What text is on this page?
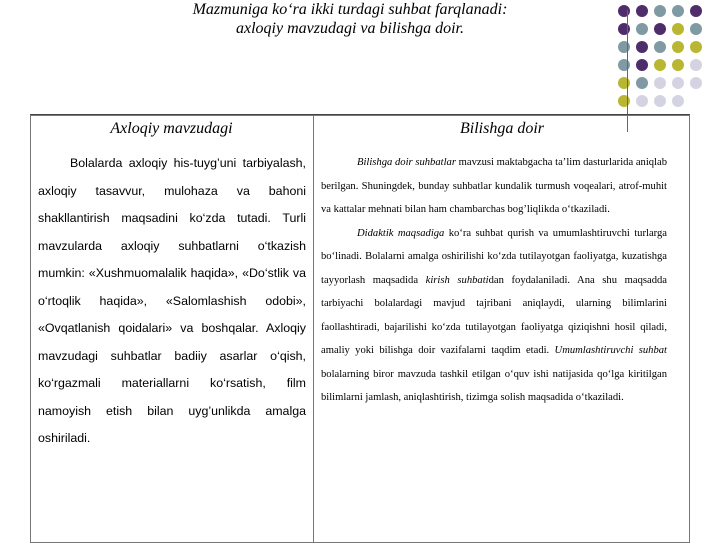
Mazmuniga ko‘ra ikki turdagi suhbat farqlanadi:
axloqiy mavzudagi va bilishga doir.
Axloqiy mavzudagi	Bilishga doir
Bolalarda axloqiy his-tuyg’uni tarbiyalash, axloqiy tasavvur, mulohaza va bahoni shakllantirish maqsadini ko‘zda tutadi. Turli mavzularda axloqiy suhbatlarni o‘tkazish mumkin: «Xushmuomalalik haqida», «Do‘stlik va o‘rtoqlik haqida», «Salomlashish odobi», «Ovqatlanish qoidalari» va boshqalar. Axloqiy mavzudagi suhbatlar badiiy asarlar o‘qish, ko‘rgazmali materiallarni ko‘rsatish, film namoyish etish bilan uyg’unlikda amalga oshiriladi.
Bilishga doir suhbatlar mavzusi maktabgacha ta’lim dasturlarida aniqlab berilgan. Shuningdek, bunday suhbatlar kundalik turmush voqealari, atrof-muhit va kattalar mehnati bilan ham chambarchas bog’liqlikda o‘tkaziladi.
Didaktik maqsadiga ko‘ra suhbat qurish va umumlashtiruvchi turlarga bo‘linadi. Bolalarni amalga oshirilishi ko‘zda tutilayotgan faoliyatga, kuzatishga tayyorlash maqsadida kirish suhbatidan foydalaniladi. Ana shu maqsadda tarbiyachi bolalardagi mavjud tajribani aniqlaydi, ularning bilimlarini faollashtiradi, bajarilishi ko‘zda tutilayotgan faoliyatga qiziqishni hosil qiladi, amaliy yoki bilishga doir vazifalarni taqdim etadi. Umumlashtiruvchi suhbat bolalarning biror mavzuda tashkil etilgan o‘quv ishi natijasida qo‘lga kiritilgan bilimlarni jamlash, aniqlashtirish, tizimga solish maqsadida o‘tkaziladi.
